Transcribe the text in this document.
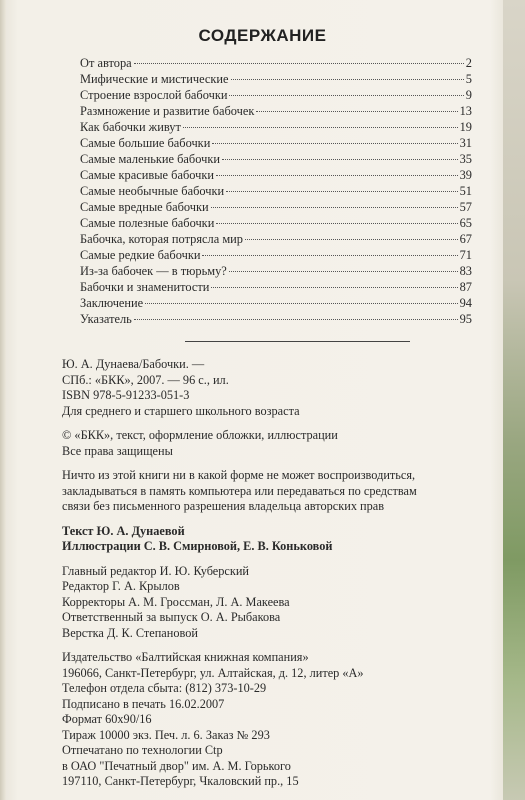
СОДЕРЖАНИЕ
От автора	2
Мифические и мистические	5
Строение взрослой бабочки	9
Размножение и развитие бабочек	13
Как бабочки живут	19
Самые большие бабочки	31
Самые маленькие бабочки	35
Самые красивые бабочки	39
Самые необычные бабочки	51
Самые вредные бабочки	57
Самые полезные бабочки	65
Бабочка, которая потрясла мир	67
Самые редкие бабочки	71
Из-за бабочек — в тюрьму?	83
Бабочки и знаменитости	87
Заключение	94
Указатель	95
Ю. А. Дунаева/Бабочки. —
СПб.: «БКК», 2007. — 96 с., ил.
ISBN 978-5-91233-051-3
Для среднего и старшего школьного возраста
© «БКК», текст, оформление обложки, иллюстрации
Все права защищены
Ничто из этой книги ни в какой форме не может воспроизводиться,
закладываться в память компьютера или передаваться по средствам
связи без письменного разрешения владельца авторских прав
Текст Ю. А. Дунаевой
Иллюстрации С. В. Смирновой, Е. В. Коньковой
Главный редактор И. Ю. Куберский
Редактор Г. А. Крылов
Корректоры А. М. Гроссман, Л. А. Макеева
Ответственный за выпуск О. А. Рыбакова
Верстка Д. К. Степановой
Издательство «Балтийская книжная компания»
196066, Санкт-Петербург, ул. Алтайская, д. 12, литер «А»
Телефон отдела сбыта: (812) 373-10-29
Подписано в печать 16.02.2007
Формат 60х90/16
Тираж 10000 экз. Печ. л. 6. Заказ № 293
Отпечатано по технологии Ctp
в ОАО "Печатный двор" им. А. М. Горького
197110, Санкт-Петербург, Чкаловский пр., 15
